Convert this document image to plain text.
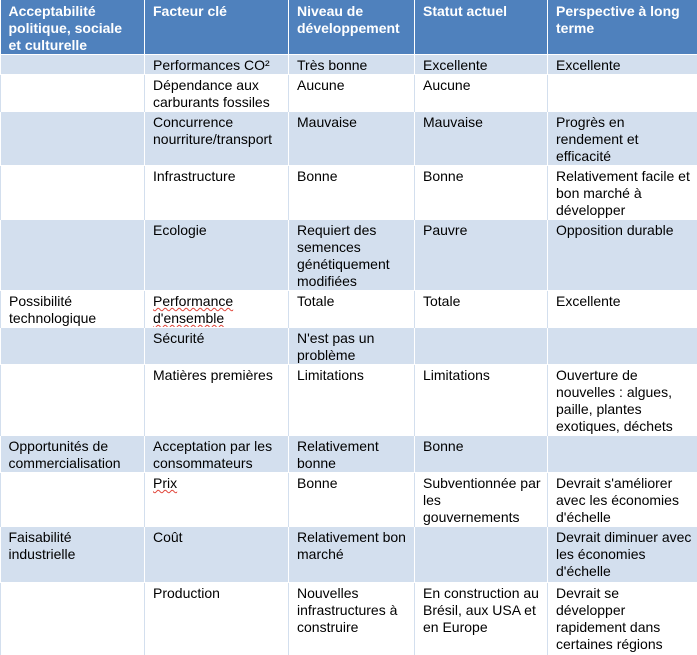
Acceptabilité politique, sociale et culturelle	Facteur clé	Niveau de développement	Statut actuel	Perspective à long terme
	Performances CO²	Très bonne	Excellente	Excellente
	Dépendance aux carburants fossiles	Aucune	Aucune	
	Concurrence nourriture/transport	Mauvaise	Mauvaise	Progrès en rendement et efficacité
	Infrastructure	Bonne	Bonne	Relativement facile et bon marché à développer
	Ecologie	Requiert des semences génétiquement modifiées	Pauvre	Opposition durable
Possibilité technologique	Performance d'ensemble	Totale	Totale	Excellente
	Sécurité	N'est pas un problème		
	Matières premières	Limitations	Limitations	Ouverture de nouvelles : algues, paille, plantes exotiques, déchets
Opportunités de commercialisation	Acceptation par les consommateurs	Relativement bonne	Bonne	
	Prix	Bonne	Subventionnée par les gouvernements	Devrait s'améliorer avec les économies d'échelle
Faisabilité industrielle	Coût	Relativement bon marché		Devrait diminuer avec les économies d'échelle
	Production	Nouvelles infrastructures à construire	En construction au Brésil, aux USA et en Europe	Devrait se développer rapidement dans certaines régions
